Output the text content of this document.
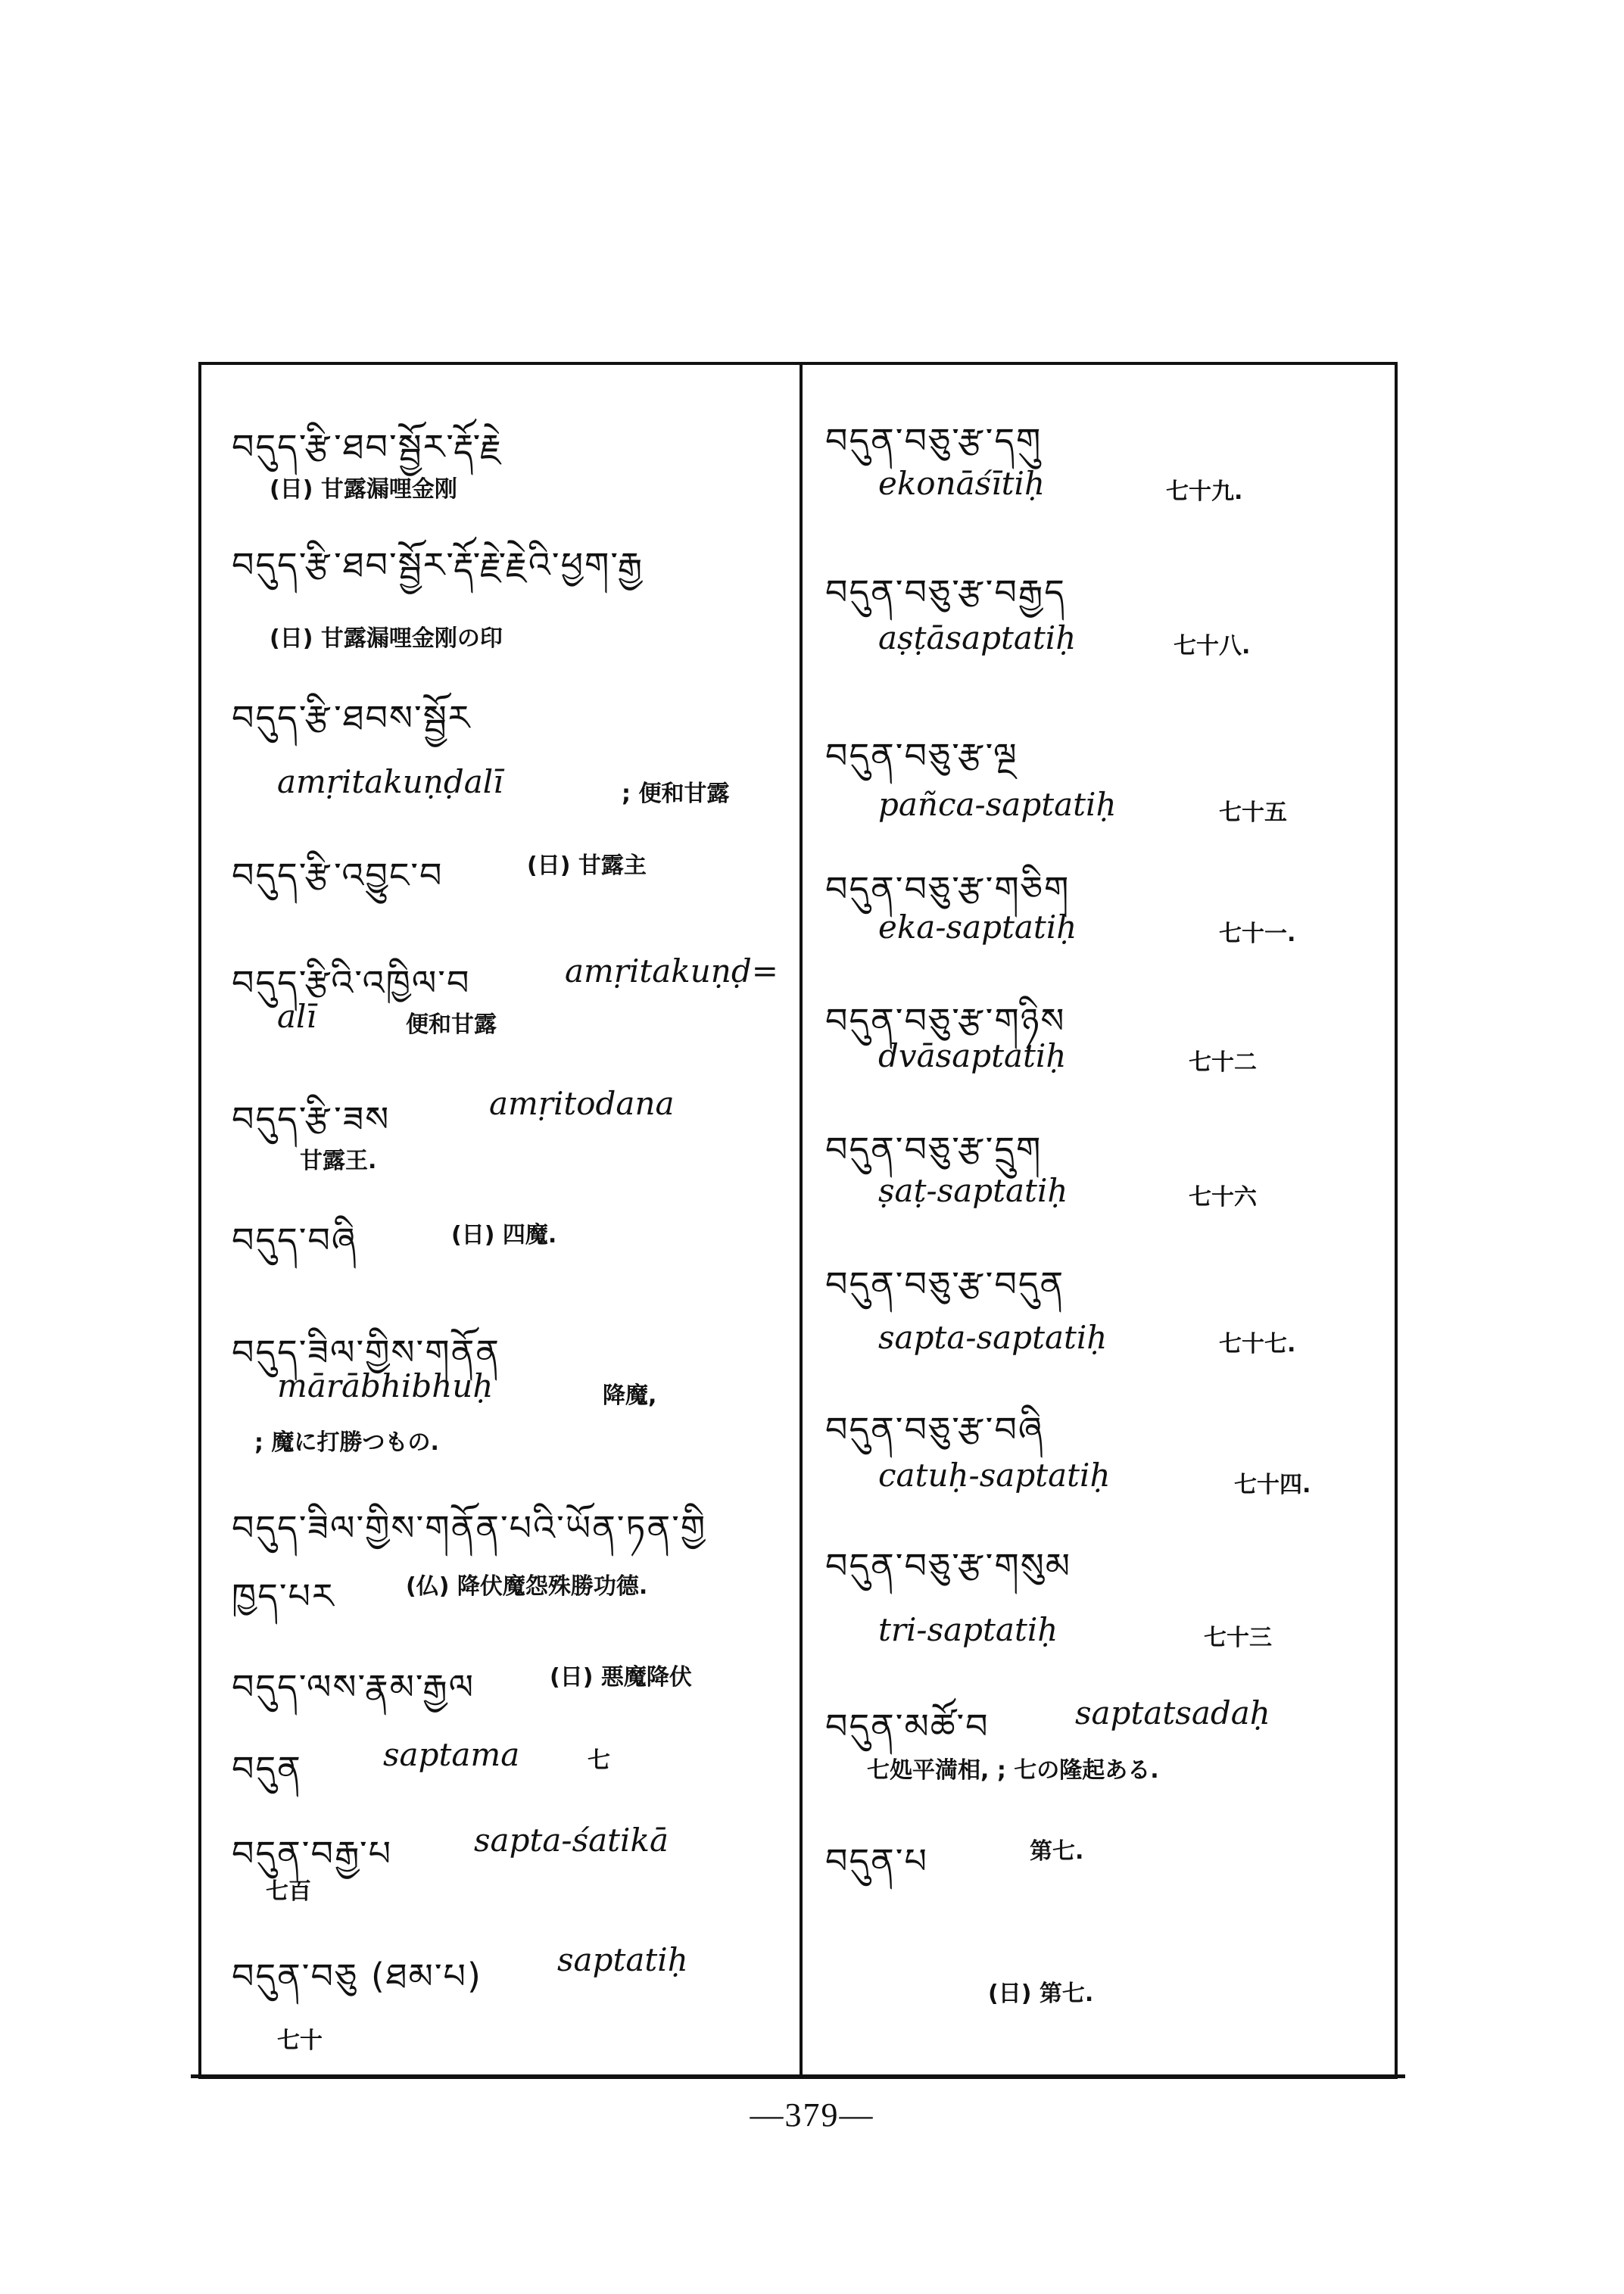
བདུད་རྩི་ཐབ་སྦྱོར་རྡོ་རྗེ
(日) 甘露漏哩金刚
བདུད་རྩི་ཐབ་སྦྱོར་རྡོ་རྗེ་རྗེའི་ཕྱག་རྒྱ
(日) 甘露漏哩金刚の印
བདུད་རྩི་ཐབས་སྦྱོར
amṛitakuṇḍalī	; 便和甘露
བདུད་རྩི་འབྱུང་བ	(日) 甘露主
བདུད་རྩིའི་འཁྱིལ་བ	amṛitakuṇḍ=
alī	便和甘露
བདུད་རྩི་ཟས	amṛitodana
甘露王.
བདུད་བཞི	(日) 四魔.
བདུད་ཟིལ་གྱིས་གནོན
mārābhibhuḥ	降魔,
; 魔に打勝つもの.
བདུད་ཟིལ་གྱིས་གནོན་པའི་ཡོན་ཏན་གྱི
ཁྱད་པར	(仏) 降伏魔怨殊勝功德.
བདུད་ལས་རྣམ་རྒྱལ	(日) 悪魔降伏
བདུན	saptama	七
བདུན་བརྒྱ་པ	sapta-śatikā
七百
བདུན་བཅུ (ཐམ་པ) saptatiḥ
七十
བདུན་བཅུ་རྩ་དགུ
ekonāśītiḥ	七十九.
བདུན་བཅུ་རྩ་བརྒྱད
aṣṭāsaptatiḥ	七十八.
བདུན་བཅུ་རྩ་ལྔ
pañca-saptatiḥ	七十五
བདུན་བཅུ་རྩ་གཅིག
eka-saptatiḥ	七十一.
བདུན་བཅུ་རྩ་གཉིས
dvāsaptatiḥ	七十二
བདུན་བཅུ་རྩ་དྲུག
ṣaṭ-saptatiḥ	七十六
བདུན་བཅུ་རྩ་བདུན
sapta-saptatiḥ	七十七.
བདུན་བཅུ་རྩ་བཞི
catuḥ-saptatiḥ	七十四.
བདུན་བཅུ་རྩ་གསུམ
tri-saptatiḥ	七十三
བདུན་མཚོ་བ	saptatsadaḥ
七処平満相, ; 七の隆起ある.
བདུན་པ	第七.
(日) 第七.
—379—
